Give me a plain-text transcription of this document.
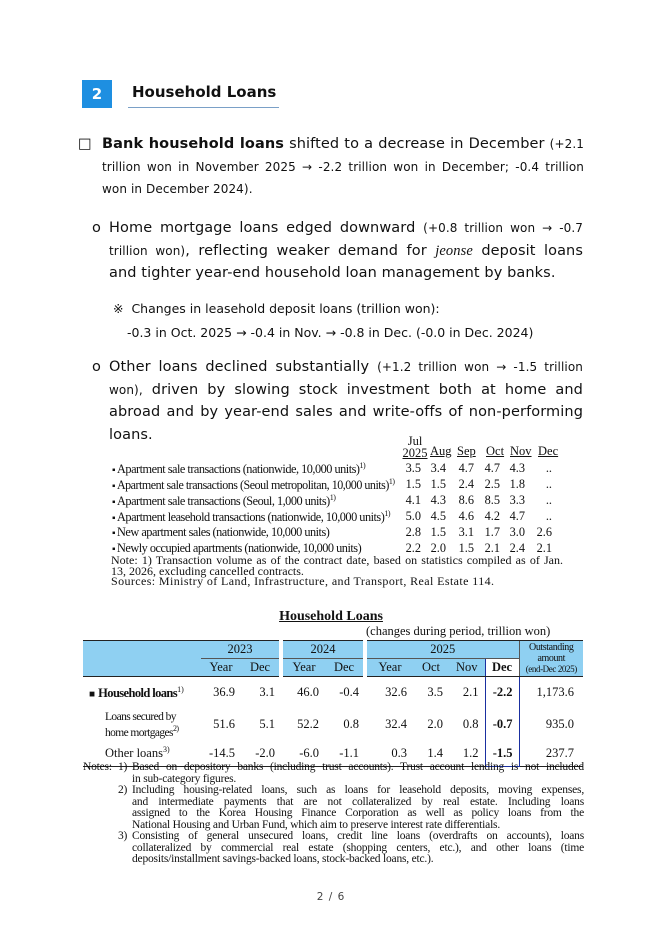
2	Household Loans
□ Bank household loans shifted to a decrease in December (+2.1 trillion won in November 2025 → -2.2 trillion won in December; -0.4 trillion won in December 2024).
o Home mortgage loans edged downward (+0.8 trillion won → -0.7 trillion won), reflecting weaker demand for jeonse deposit loans and tighter year-end household loan management by banks.
※ Changes in leasehold deposit loans (trillion won):
-0.3 in Oct. 2025 → -0.4 in Nov. → -0.8 in Dec. (-0.0 in Dec. 2024)
o Other loans declined substantially (+1.2 trillion won → -1.5 trillion won), driven by slowing stock investment both at home and abroad and by year-end sales and write-offs of non-performing loans.	Jul
2025 Aug Sep Oct Nov Dec
▪ Apartment sale transactions (nationwide, 10,000 units)$^{1)}$	3.5 3.4	4.7 4.7 4.3	..
▪ Apartment sale transactions (Seoul metropolitan, 10,000 units)$^{1)}$ 1.5 1.5	2.4 2.5 1.8	..
▪ Apartment sale transactions (Seoul, 1,000 units)$^{1)}$	4.1 4.3	8.6 8.5 3.3	..
▪ Apartment leasehold transactions (nationwide, 10,000 units)$^{1)}$	5.0 4.5	4.6 4.2 4.7	..
▪ New apartment sales (nationwide, 10,000 units)	2.8 1.5	3.1 1.7 3.0 2.6
▪ Newly occupied apartments (nationwide, 10,000 units)	2.2 2.0	1.5 2.1 2.4 2.1
Note: 1) Transaction volume as of the contract date, based on statistics compiled as of Jan. 13, 2026, excluding cancelled contracts.
Sources: Ministry of Land, Infrastructure, and Transport, Real Estate 114.
Household Loans
(changes during period, trillion won)
	2023		2024		2025				Outstanding
amount
(end-Dec 2025)

	Year	Dec	Year	Dec	Year	Oct	Nov	Dec	
■ Household loans$^{1)}$	36.9	3.1	46.0	-0.4	32.6	3.5	2.1	-2.2	1,173.6

Loans secured by
home mortgages$^{2)}$	51.6	5.1	52.2	0.8	32.4	2.0	0.8	-0.7	935.0
Other loans$^{3)}$	-14.5	-2.0	-6.0	-1.1	0.3	1.4	1.2	-1.5	237.7
Notes: 1) Based on depository banks (including trust accounts). Trust account lending is not included
in sub-category figures.
2) Including housing-related loans, such as loans for leasehold deposits, moving expenses,
and intermediate payments that are not collateralized by real estate. Including loans
assigned to the Korea Housing Finance Corporation as well as policy loans from the
National Housing and Urban Fund, which aim to preserve interest rate differentials.
3) Consisting of general unsecured loans, credit line loans (overdrafts on accounts), loans
collateralized by commercial real estate (shopping centers, etc.), and other loans (time
deposits/installment savings-backed loans, stock-backed loans, etc.).
2 / 6
